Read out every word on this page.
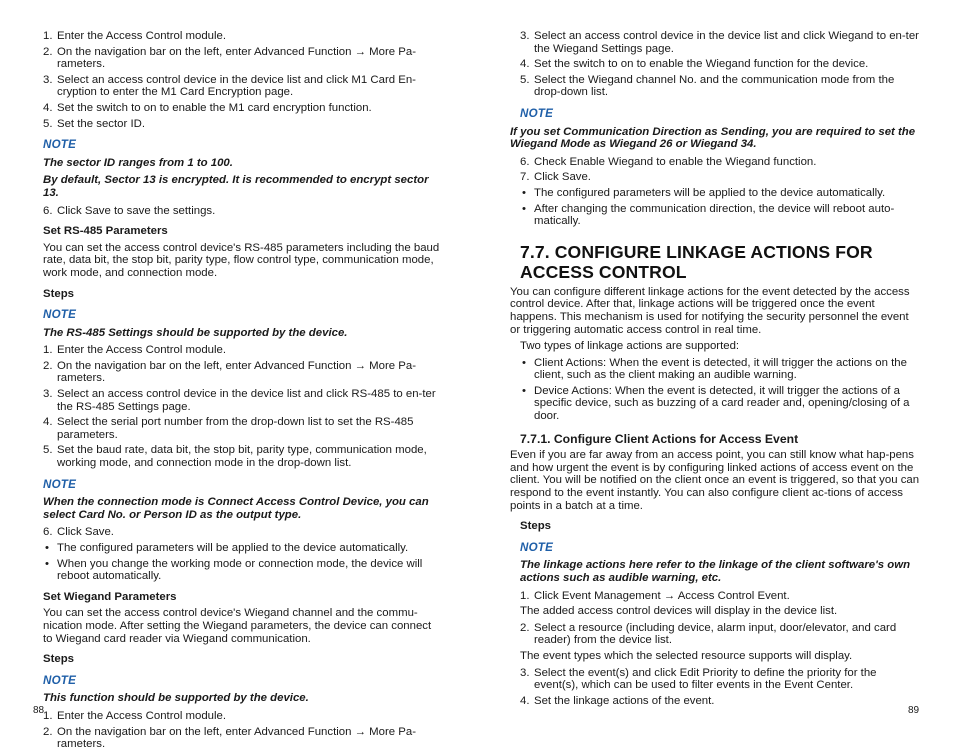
1. Enter the Access Control module.
2. On the navigation bar on the left, enter Advanced Function → More Pa-rameters.
3. Select an access control device in the device list and click M1 Card En-cryption to enter the M1 Card Encryption page.
4. Set the switch to on to enable the M1 card encryption function.
5. Set the sector ID.
NOTE
The sector ID ranges from 1 to 100.
By default, Sector 13 is encrypted. It is recommended to encrypt sector 13.
6. Click Save to save the settings.
Set RS-485 Parameters
You can set the access control device's RS-485 parameters including the baud rate, data bit, the stop bit, parity type, flow control type, communication mode, work mode, and connection mode.
Steps
NOTE
The RS-485 Settings should be supported by the device.
1. Enter the Access Control module.
2. On the navigation bar on the left, enter Advanced Function → More Pa-rameters.
3. Select an access control device in the device list and click RS-485 to en-ter the RS-485 Settings page.
4. Select the serial port number from the drop-down list to set the RS-485 parameters.
5. Set the baud rate, data bit, the stop bit, parity type, communication mode, working mode, and connection mode in the drop-down list.
NOTE
When the connection mode is Connect Access Control Device, you can select Card No. or Person ID as the output type.
6. Click Save.
• The configured parameters will be applied to the device automatically.
• When you change the working mode or connection mode, the device will reboot automatically.
Set Wiegand Parameters
You can set the access control device's Wiegand channel and the commu-nication mode. After setting the Wiegand parameters, the device can connect to Wiegand card reader via Wiegand communication.
Steps
NOTE
This function should be supported by the device.
1. Enter the Access Control module.
2. On the navigation bar on the left, enter Advanced Function → More Pa-rameters.
3. Select an access control device in the device list and click Wiegand to en-ter the Wiegand Settings page.
4. Set the switch to on to enable the Wiegand function for the device.
5. Select the Wiegand channel No. and the communication mode from the drop-down list.
NOTE
If you set Communication Direction as Sending, you are required to set the Wiegand Mode as Wiegand 26 or Wiegand 34.
6. Check Enable Wiegand to enable the Wiegand function.
7. Click Save.
• The configured parameters will be applied to the device automatically.
• After changing the communication direction, the device will reboot auto-matically.
7.7. CONFIGURE LINKAGE ACTIONS FOR ACCESS CONTROL
You can configure different linkage actions for the event detected by the access control device. After that, linkage actions will be triggered once the event happens. This mechanism is used for notifying the security personnel the event or triggering automatic access control in real time.
Two types of linkage actions are supported:
• Client Actions: When the event is detected, it will trigger the actions on the client, such as the client making an audible warning.
• Device Actions: When the event is detected, it will trigger the actions of a specific device, such as buzzing of a card reader and, opening/closing of a door.
7.7.1. Configure Client Actions for Access Event
Even if you are far away from an access point, you can still know what hap-pens and how urgent the event is by configuring linked actions of access event on the client. You will be notified on the client once an event is triggered, so that you can respond to the event instantly. You can also configure client ac-tions of access points in a batch at a time.
Steps
NOTE
The linkage actions here refer to the linkage of the client software's own actions such as audible warning, etc.
1. Click Event Management → Access Control Event.
The added access control devices will display in the device list.
2. Select a resource (including device, alarm input, door/elevator, and card reader) from the device list.
The event types which the selected resource supports will display.
3. Select the event(s) and click Edit Priority to define the priority for the event(s), which can be used to filter events in the Event Center.
4. Set the linkage actions of the event.
88	89
